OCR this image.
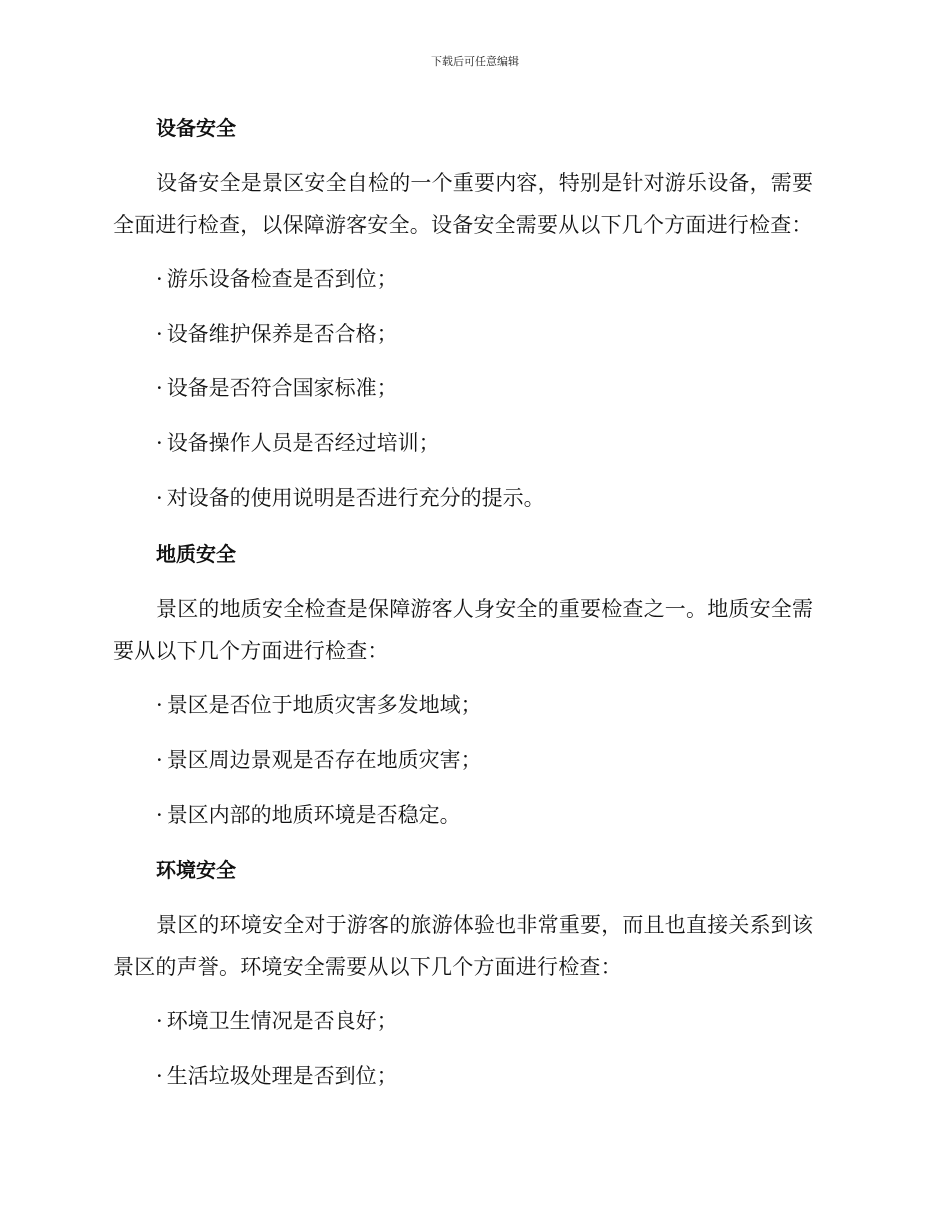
下载后可任意编辑
设备安全
设备安全是景区安全自检的一个重要内容，特别是针对游乐设备，需要
全面进行检查，以保障游客安全。设备安全需要从以下几个方面进行检查：
· 游乐设备检查是否到位；
· 设备维护保养是否合格；
· 设备是否符合国家标准；
· 设备操作人员是否经过培训；
· 对设备的使用说明是否进行充分的提示。
地质安全
景区的地质安全检查是保障游客人身安全的重要检查之一。地质安全需
要从以下几个方面进行检查：
· 景区是否位于地质灾害多发地域；
· 景区周边景观是否存在地质灾害；
· 景区内部的地质环境是否稳定。
环境安全
景区的环境安全对于游客的旅游体验也非常重要，而且也直接关系到该
景区的声誉。环境安全需要从以下几个方面进行检查：
· 环境卫生情况是否良好；
· 生活垃圾处理是否到位；
